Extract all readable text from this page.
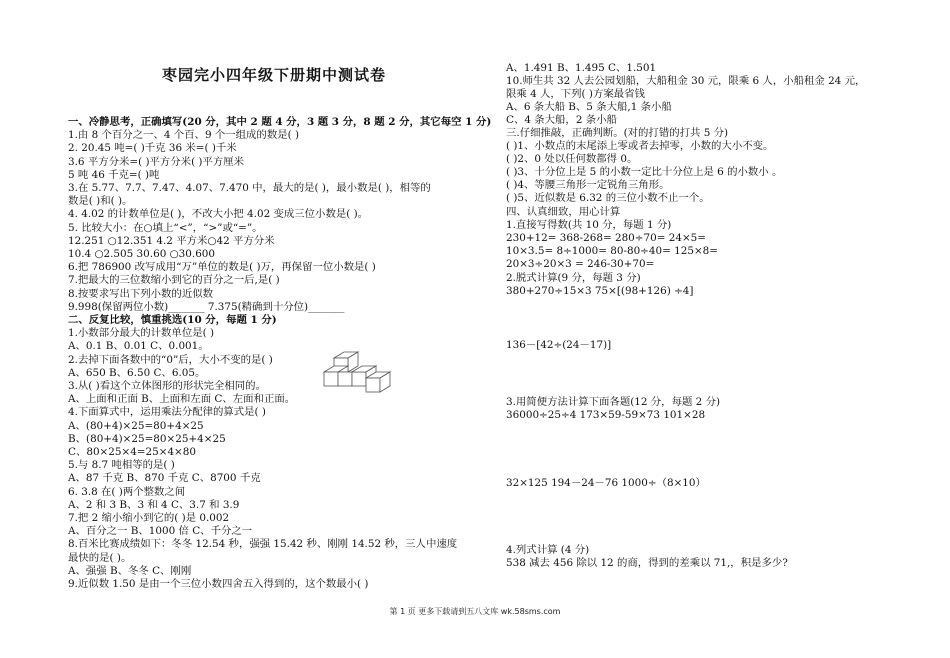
枣园完小四年级下册期中测试卷
一、冷静思考，正确填写(20 分，其中 2 题 4 分，3 题 3 分，8 题 2 分，其它每空 1 分)
1.由 8 个百分之一、4 个百、9 个一组成的数是( )
2. 20.45 吨=( )千克 36 米=( )千米
3.6 平方分米=( )平方分米( )平方厘米
5 吨 46 千克=( )吨
3.在 5.77、7.7、7.47、4.07、7.470 中，最大的是( )，最小数是( )，相等的
数是( )和( )。
4. 4.02 的计数单位是( )，不改大小把 4.02 变成三位小数是( )。
5. 比较大小：在○填上“<”，“>”或“=”。
12.251 ○12.351 4.2 平方米○42 平方分米
10.4 ○2.505 30.60 ○30.600
6.把 786900 改写成用“万”单位的数是( )万，再保留一位小数是( )
7.把最大的三位数缩小到它的百分之一后,是( )
8.按要求写出下列小数的近似数
9.998(保留两位小数)_______ 7.375(精确到十分位)_______
二、反复比较，慎重挑选(10 分，每题 1 分)
1.小数部分最大的计数单位是( )
A、0.1 B、0.01 C、0.001。
2.去掉下面各数中的“0”后，大小不变的是( )
A、650 B、6.50 C、6.05。
3.从( )看这个立体图形的形状完全相同的。
A、上面和正面 B、上面和左面 C、左面和正面。
4.下面算式中，运用乘法分配律的算式是( )
A、(80+4)×25=80+4×25
B、(80+4)×25=80×25+4×25
C、80×25×4=25×4×80
5.与 8.7 吨相等的是( )
A、87 千克 B、870 千克 C、8700 千克
6. 3.8 在( )两个整数之间
A、2 和 3 B、3 和 4 C、3.7 和 3.9
7.把 2 缩小缩小到它的( )是 0.002
A、百分之一 B、1000 倍 C、千分之一
8.百米比赛成绩如下：冬冬 12.54 秒，强强 15.42 秒、刚刚 14.52 秒，三人中速度
最快的是( )。
A、强强 B、冬冬 C、刚刚
9.近似数 1.50 是由一个三位小数四舍五入得到的，这个数最小( )
A、1.491 B、1.495 C、1.501
10.师生共 32 人去公园划船，大船租金 30 元，限乘 6 人，小船租金 24 元，
限乘 4 人，下列( )方案最省钱
A、6 条大船 B、5 条大船,1 条小船
C、4 条大船，2 条小船
三.仔细推敲，正确判断。(对的打错的打共 5 分)
( )1、小数点的末尾添上零或者去掉零，小数的大小不变。
( )2、0 处以任何数都得 0。
( )3、十分位上是 5 的小数一定比十分位上是 6 的小数小 。
( )4、等腰三角形一定锐角三角形。
( )5、近似数是 6.32 的三位小数不止一个。
四、认真细致，用心计算
1.直接写得数(共 10 分，每题 1 分)
230+12= 368-268= 280÷70= 24×5=
10×3.5= 8÷1000= 80-80÷40= 125×8=
20×3÷20×3 = 246-30+70=
2.脱式计算(9 分，每题 3 分)
380+270÷15×3 75×[(98+126) ÷4]
136－[42÷(24－17)]
3.用简便方法计算下面各题(12 分，每题 2 分)
36000÷25÷4 173×59-59×73 101×28
32×125 194－24－76 1000÷（8×10）
4.列式计算 (4 分)
538 减去 456 除以 12 的商，得到的差乘以 71,，积是多少?
第 1 页 更多下载请到五八文库 wk.58sms.com
